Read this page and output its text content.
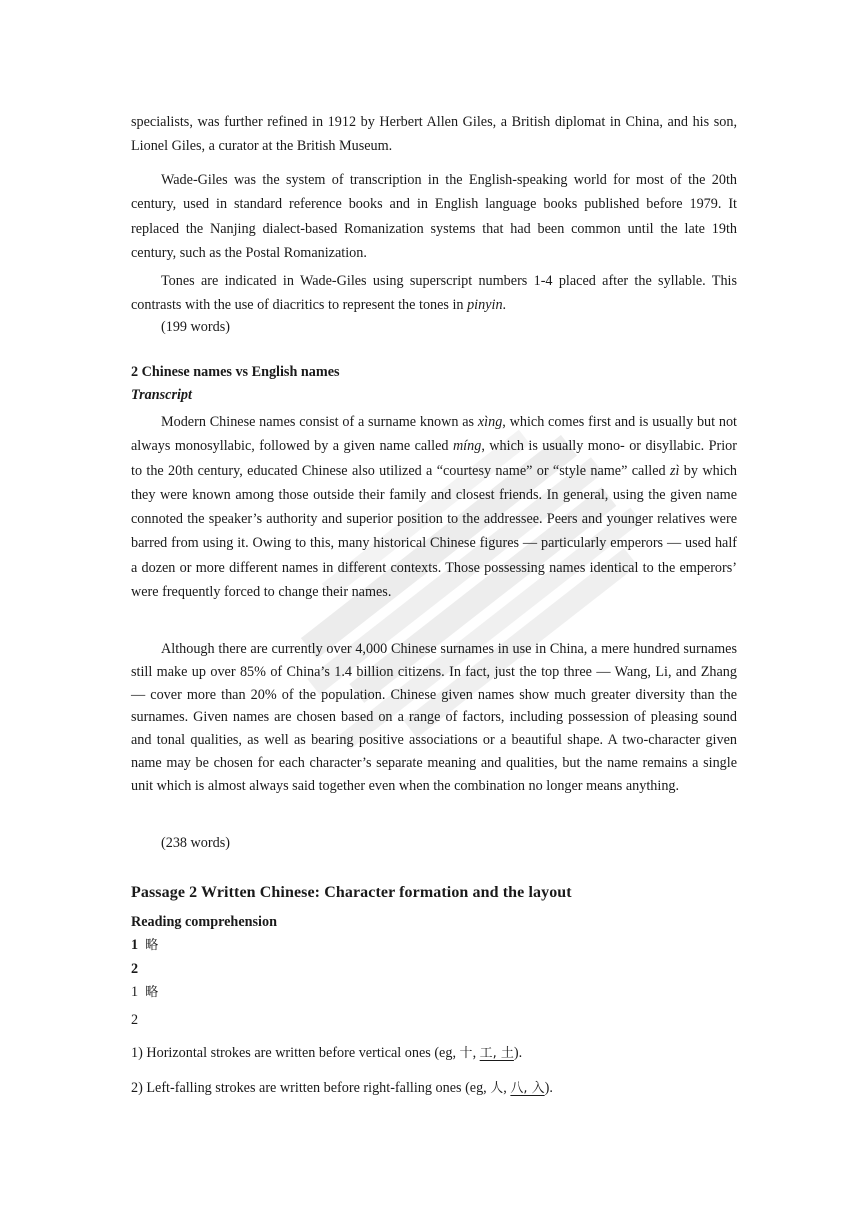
specialists, was further refined in 1912 by Herbert Allen Giles, a British diplomat in China, and his son, Lionel Giles, a curator at the British Museum.

Wade-Giles was the system of transcription in the English-speaking world for most of the 20th century, used in standard reference books and in English language books published before 1979. It replaced the Nanjing dialect-based Romanization systems that had been common until the late 19th century, such as the Postal Romanization.

Tones are indicated in Wade-Giles using superscript numbers 1-4 placed after the syllable. This contrasts with the use of diacritics to represent the tones in pinyin.

(199 words)

2 Chinese names vs English names

Transcript

Modern Chinese names consist of a surname known as xìng, which comes first and is usually but not always monosyllabic, followed by a given name called míng, which is usually mono- or disyllabic. Prior to the 20th century, educated Chinese also utilized a “courtesy name” or “style name” called zì by which they were known among those outside their family and closest friends. In general, using the given name connoted the speaker’s authority and superior position to the addressee. Peers and younger relatives were barred from using it. Owing to this, many historical Chinese figures — particularly emperors — used half a dozen or more different names in different contexts. Those possessing names identical to the emperors’ were frequently forced to change their names.

Although there are currently over 4,000 Chinese surnames in use in China, a mere hundred surnames still make up over 85% of China’s 1.4 billion citizens. In fact, just the top three — Wang, Li, and Zhang — cover more than 20% of the population. Chinese given names show much greater diversity than the surnames. Given names are chosen based on a range of factors, including possession of pleasing sound and tonal qualities, as well as bearing positive associations or a beautiful shape. A two-character given name may be chosen for each character’s separate meaning and qualities, but the name remains a single unit which is almost always said together even when the combination no longer means anything.

(238 words)

Passage 2 Written Chinese: Character formation and the layout

Reading comprehension

1 略

2

1 略

2

1) Horizontal strokes are written before vertical ones (eg, 十, 工, 土).

2) Left-falling strokes are written before right-falling ones (eg, 人, 八, 入).
